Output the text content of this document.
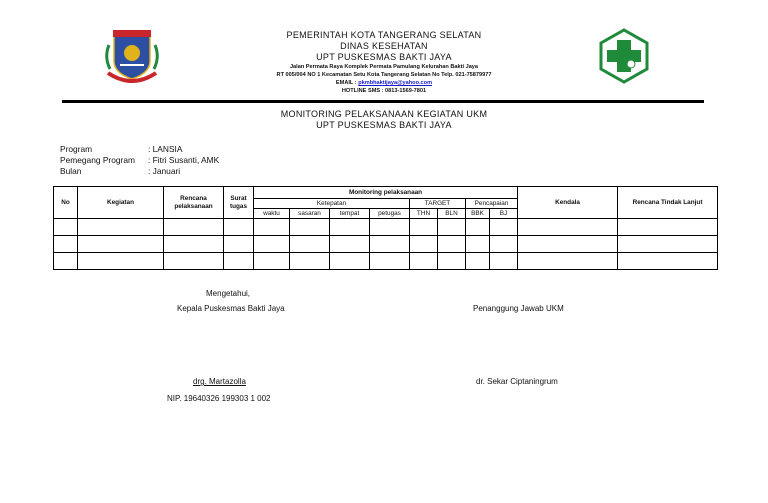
PEMERINTAH KOTA TANGERANG SELATAN
DINAS KESEHATAN
UPT PUSKESMAS BAKTI JAYA
Jalan Permata Raya Komplek Permata Pamulang Kelurahan Bakti Jaya
RT 005/004 NO 1 Kecamatan Setu Kota Tangerang Selatan No Telp. 021-75879977
EMAIL : pkmbhaktijaya@yahoo.com
HOTLINE SMS : 0813-1569-7801
MONITORING PELAKSANAAN KEGIATAN UKM
UPT PUSKESMAS BAKTI JAYA
Program	: LANSIA
Pemegang Program : Fitri Susanti, AMK
Bulan	: Januari
No	Kegiatan	Rencana pelaksanaan	Surat tugas	Monitoring pelaksanaan								Kendala	Rencana Tindak Lanjut
				Ketepatan				TARGET		Pencapaian			
				waktu	sasaran	tempat	petugas	THN	BLN	BBK	BJ		

Mengetahui,
Kepala Puskesmas Bakti Jaya	Penanggung Jawab UKM
drg. Martazolla
NIP. 19640326 199303 1 002
dr. Sekar Ciptaningrum
